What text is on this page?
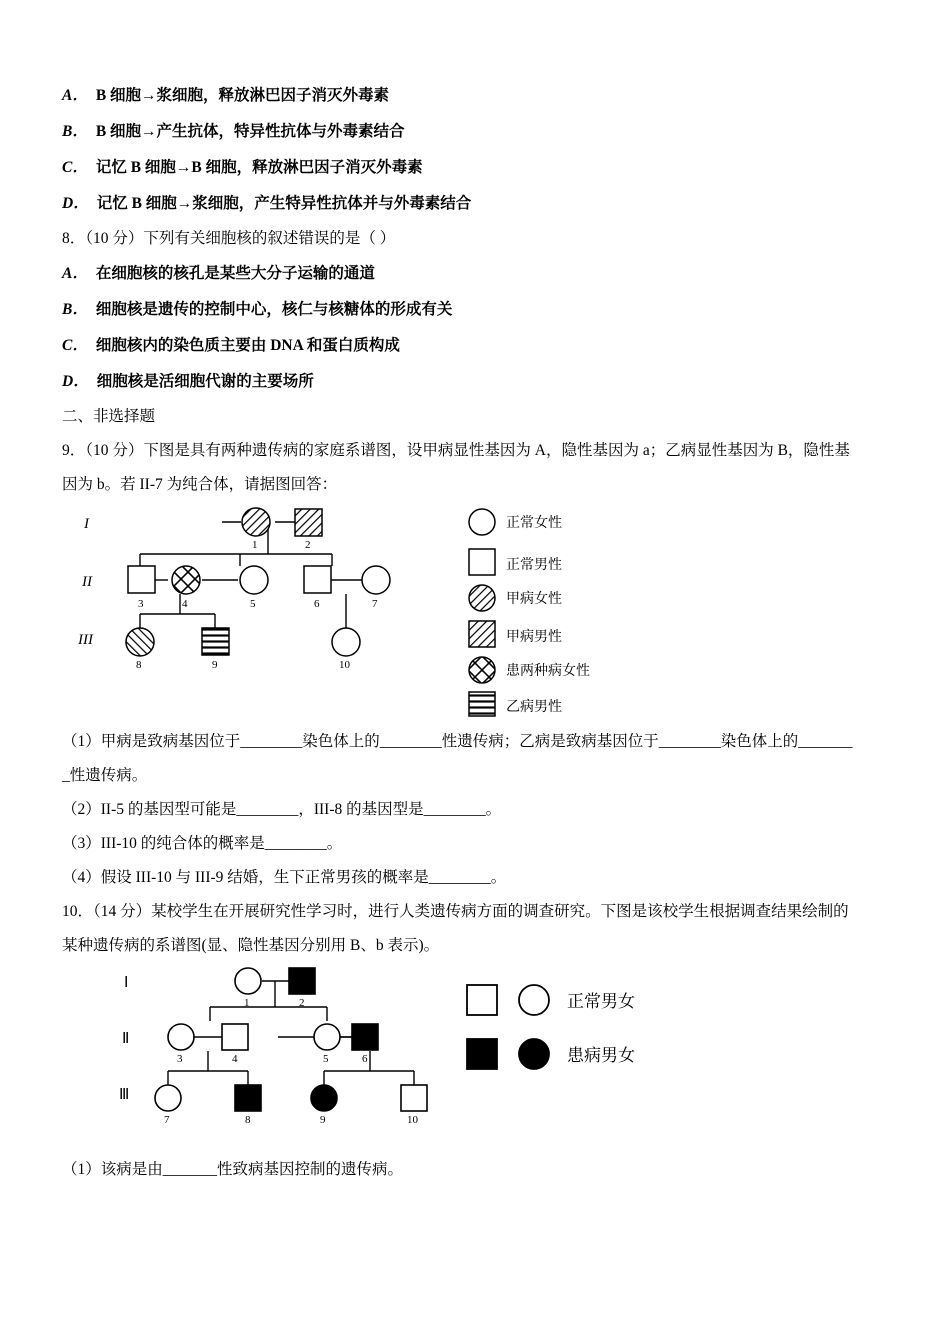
A． B 细胞→浆细胞，释放淋巴因子消灭外毒素
B． B 细胞→产生抗体，特异性抗体与外毒素结合
C． 记忆 B 细胞→B 细胞，释放淋巴因子消灭外毒素
D． 记忆 B 细胞→浆细胞，产生特异性抗体并与外毒素结合
8．（10 分）下列有关细胞核的叙述错误的是（ ）
A． 在细胞核的核孔是某些大分子运输的通道
B． 细胞核是遗传的控制中心，核仁与核糖体的形成有关
C． 细胞核内的染色质主要由 DNA 和蛋白质构成
D． 细胞核是活细胞代谢的主要场所
二、非选择题
9．（10 分）下图是具有两种遗传病的家庭系谱图，设甲病显性基因为 A，隐性基因为 a；乙病显性基因为 B，隐性基
因为 b。若 II-7 为纯合体，请据图回答：
I
II
III
1	2
3	4	5	6	7
8	9	10
正常女性
正常男性
甲病女性
甲病男性
患两种病女性
乙病男性
（1）甲病是致病基因位于________染色体上的________性遗传病；乙病是致病基因位于________染色体上的_______
_性遗传病。
（2）II-5 的基因型可能是________，III-8 的基因型是________。
（3）III-10 的纯合体的概率是________。
（4）假设 III-10 与 III-9 结婚，生下正常男孩的概率是________。
10．（14 分）某校学生在开展研究性学习时，进行人类遗传病方面的调查研究。下图是该校学生根据调查结果绘制的
某种遗传病的系谱图(显、隐性基因分别用 B、b 表示)。
Ⅰ
Ⅱ
Ⅲ
1	2
3	4	5	6
7	8	9	10
正常男女
患病男女
（1）该病是由_______性致病基因控制的遗传病。
